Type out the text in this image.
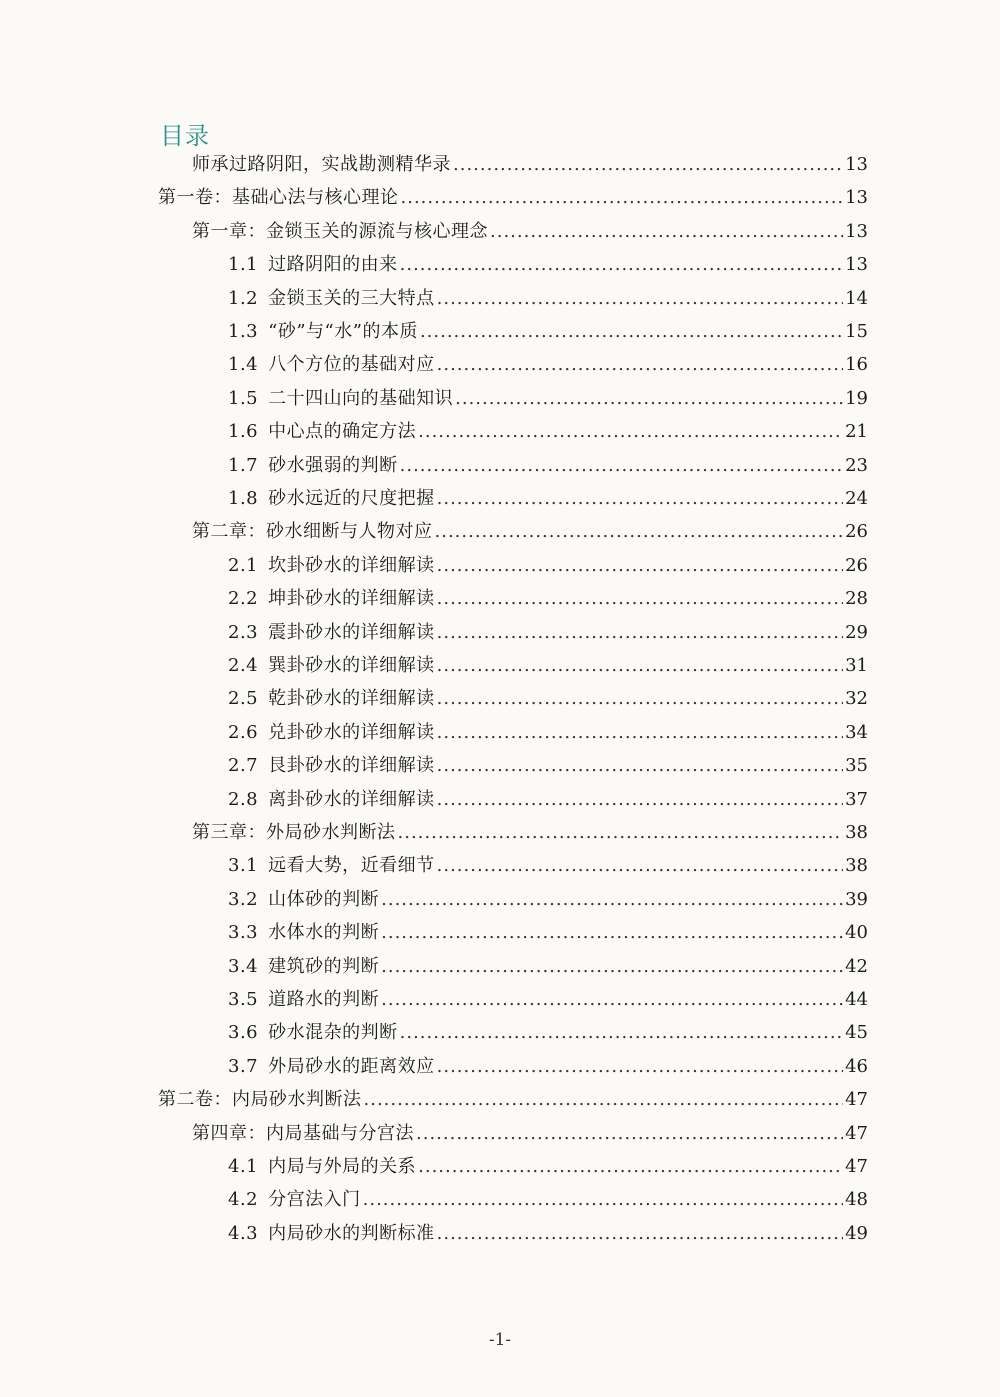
目录
师承过路阴阳，实战勘测精华录 .....	13
第一卷：基础心法与核心理论 .....	13
第一章：金锁玉关的源流与核心理念 .....	13
1.1 过路阴阳的由来 .....	13
1.2 金锁玉关的三大特点 .....	14
1.3 “砂”与“水”的本质 .....	15
1.4 八个方位的基础对应 .....	16
1.5 二十四山向的基础知识 .....	19
1.6 中心点的确定方法 .....	21
1.7 砂水强弱的判断 .....	23
1.8 砂水远近的尺度把握 .....	24
第二章：砂水细断与人物对应 .....	26
2.1 坎卦砂水的详细解读 .....	26
2.2 坤卦砂水的详细解读 .....	28
2.3 震卦砂水的详细解读 .....	29
2.4 巽卦砂水的详细解读 .....	31
2.5 乾卦砂水的详细解读 .....	32
2.6 兑卦砂水的详细解读 .....	34
2.7 艮卦砂水的详细解读 .....	35
2.8 离卦砂水的详细解读 .....	37
第三章：外局砂水判断法 .....	38
3.1 远看大势，近看细节 .....	38
3.2 山体砂的判断 .....	39
3.3 水体水的判断 .....	40
3.4 建筑砂的判断 .....	42
3.5 道路水的判断 .....	44
3.6 砂水混杂的判断 .....	45
3.7 外局砂水的距离效应 .....	46
第二卷：内局砂水判断法 .....	47
第四章：内局基础与分宫法 .....	47
4.1 内局与外局的关系 .....	47
4.2 分宫法入门 .....	48
4.3 内局砂水的判断标准 .....	49
-1-
